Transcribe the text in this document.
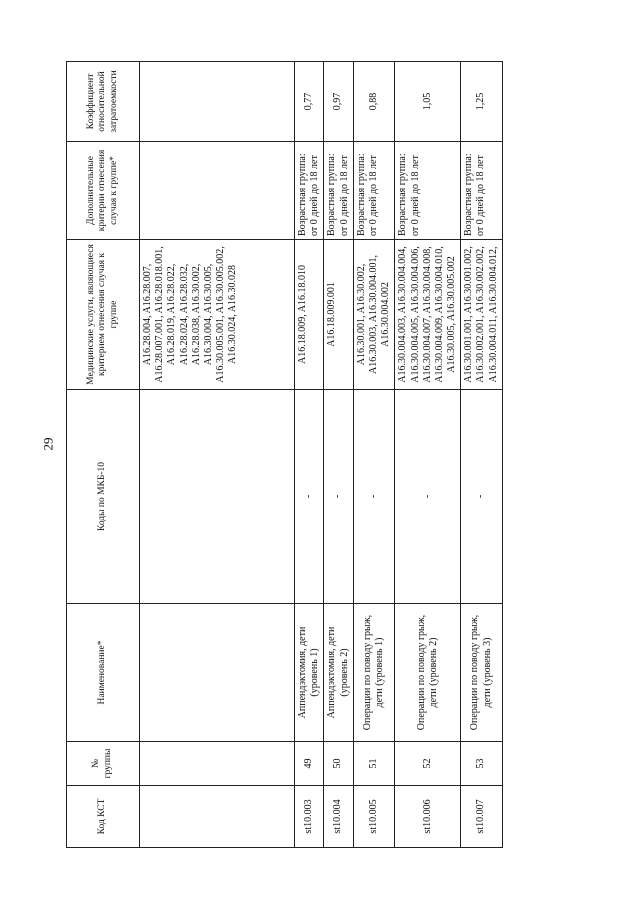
29
Код КСТ	№ группы	Наименование*	Коды по МКБ-10	Медицинские услуги, являющиеся критерием отнесения случая к группе	Дополнительные критерии отнесения случая к группе*	Коэффициент относительной затратоемкости
				A16.28.004, A16.28.007, A16.28.007.001, A16.28.018.001, A16.28.019, A16.28.022, A16.28.024, A16.28.032, A16.28.038, A16.30.002, A16.30.004, A16.30.005, A16.30.005.001, A16.30.005.002, A16.30.024, A16.30.028		
st10.003	49	Аппендэктомия, дети (уровень 1)	-	A16.18.009, A16.18.010	Возрастная группа: от 0 дней до 18 лет	0,77
st10.004	50	Аппендэктомия, дети (уровень 2)	-	A16.18.009.001	Возрастная группа: от 0 дней до 18 лет	0,97
st10.005	51	Операции по поводу грыж, дети (уровень 1)	-	A16.30.001, A16.30.002, A16.30.003, A16.30.004.001, A16.30.004.002	Возрастная группа: от 0 дней до 18 лет	0,88
st10.006	52	Операции по поводу грыж, дети (уровень 2)	-	A16.30.004.003, A16.30.004.004, A16.30.004.005, A16.30.004.006, A16.30.004.007, A16.30.004.008, A16.30.004.009, A16.30.004.010, A16.30.005, A16.30.005.002	Возрастная группа: от 0 дней до 18 лет	1,05
st10.007	53	Операции по поводу грыж, дети (уровень 3)	-	A16.30.001.001, A16.30.001.002, A16.30.002.001, A16.30.002.002, A16.30.004.011, A16.30.004.012,	Возрастная группа: от 0 дней до 18 лет	1,25
